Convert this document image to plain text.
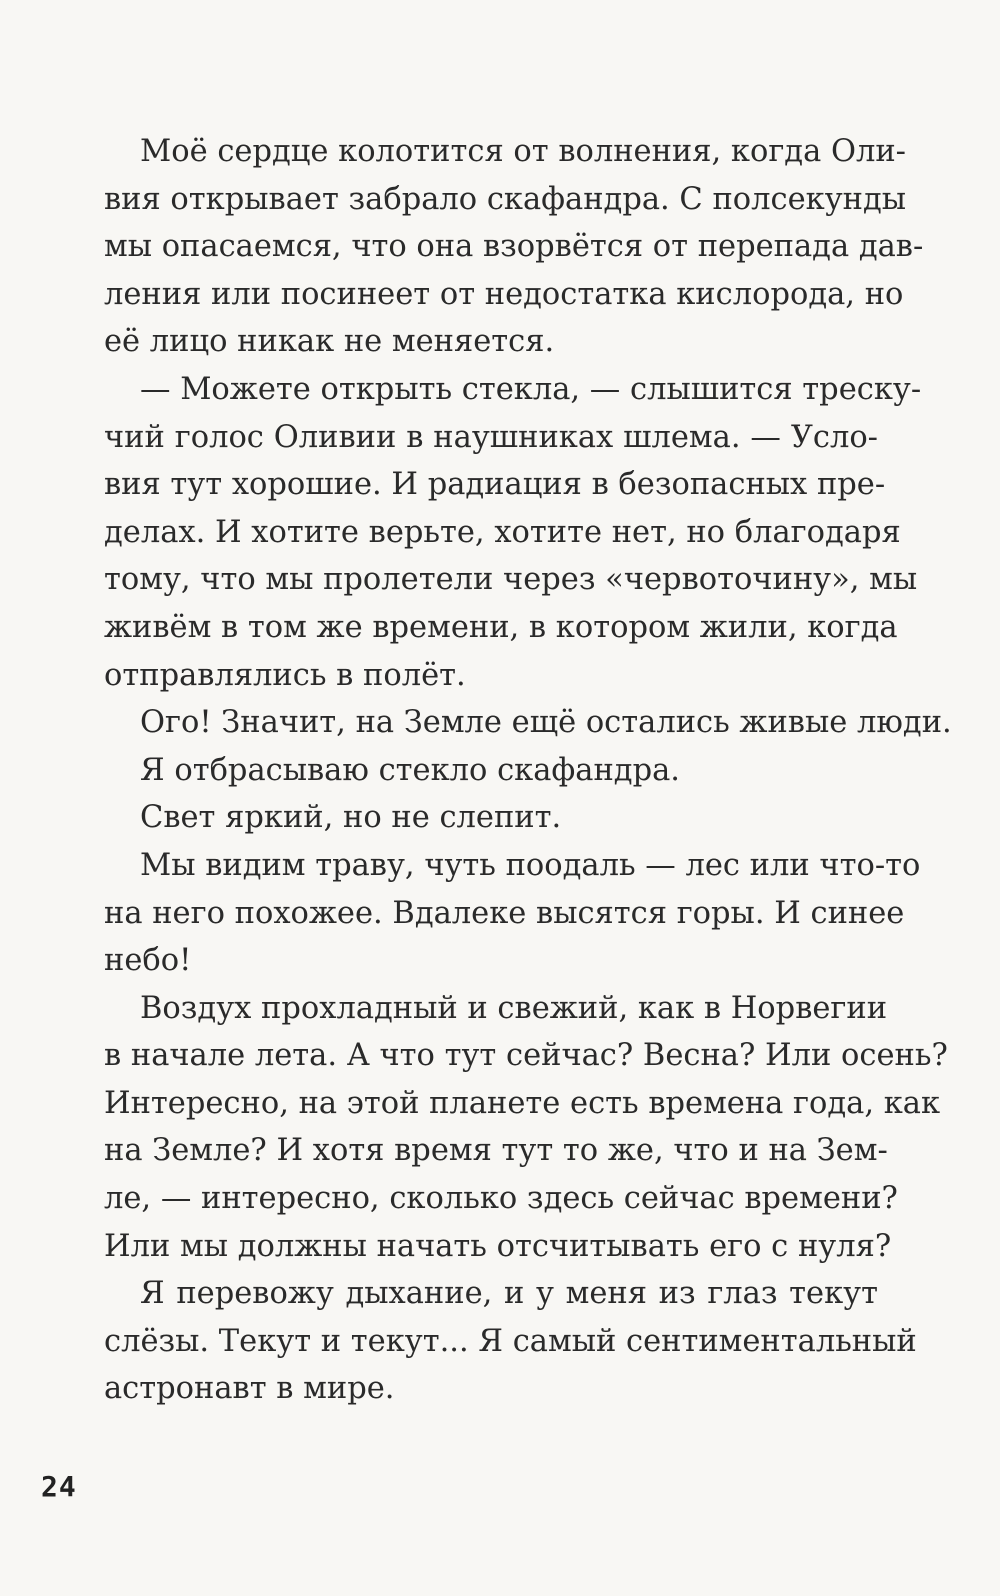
Моё сердце колотится от волнения, когда Оли-
вия открывает забрало скафандра. С полсекунды
мы опасаемся, что она взорвётся от перепада дав-
ления или посинеет от недостатка кислорода, но
её лицо никак не меняется.
— Можете открыть стекла, — слышится треску-
чий голос Оливии в наушниках шлема. — Усло-
вия тут хорошие. И радиация в безопасных пре-
делах. И хотите верьте, хотите нет, но благодаря
тому, что мы пролетели через «червоточину», мы
живём в том же времени, в котором жили, когда
отправлялись в полёт.
Ого! Значит, на Земле ещё остались живые люди.
Я отбрасываю стекло скафандра.
Свет яркий, но не слепит.
Мы видим траву, чуть поодаль — лес или что-то
на него похожее. Вдалеке высятся горы. И синее
небо!
Воздух прохладный и свежий, как в Норвегии
в начале лета. А что тут сейчас? Весна? Или осень?
Интересно, на этой планете есть времена года, как
на Земле? И хотя время тут то же, что и на Зем-
ле, — интересно, сколько здесь сейчас времени?
Или мы должны начать отсчитывать его с нуля?
Я перевожу дыхание, и у меня из глаз текут
слёзы. Текут и текут... Я самый сентиментальный
астронавт в мире.
24
